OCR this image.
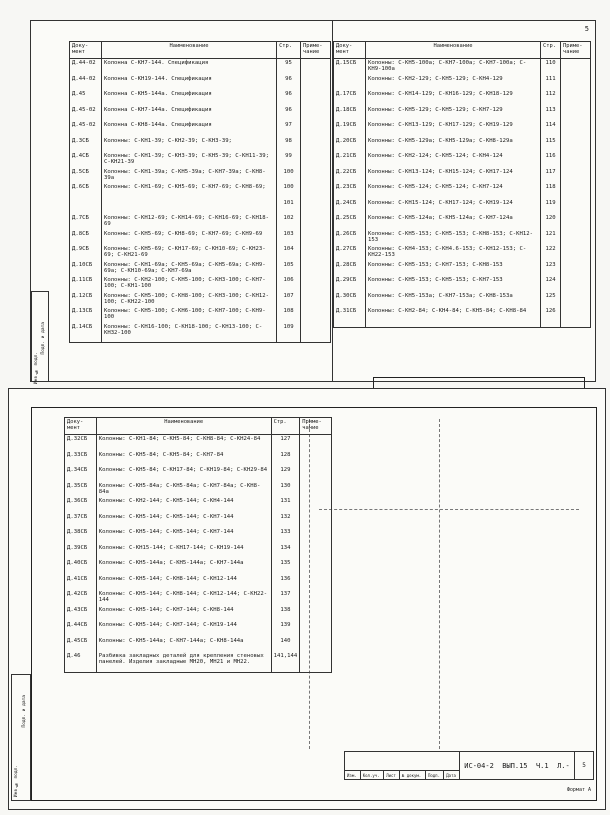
Инв.№ подл.
Подп. и дата
Доку-мент	Наименование	Стр.	Приме-чание
Д.44-02	Колонна С-КН7-144. Спецификация	95	
Д.44-02	Колонна С-КН19-144. Спецификация	96	
Д.45	Колонна С-КН5-144а. Спецификация	96	
Д.45-02	Колонна С-КН7-144а. Спецификация	96	
Д.45-02	Колонна С-КН8-144а. Спецификация	97	
Д.3СБ	Колонны: С-КН1-39; С-КН2-39; С-КН3-39;	98	
Д.4СБ	Колонны: С-КН1-39; С-КН3-39; С-КН5-39; С-КН11-39; С-КН21-39	99	
Д.5СБ	Колонны: С-КН1-39а; С-КН5-39а; С-КН7-39а; С-КН8-39а	100	
Д.6СБ	Колонны: С-КН1-69; С-КН5-69; С-КН7-69; С-КН8-69;	100	
		101	
Д.7СБ	Колонны: С-КН12-69; С-КН14-69; С-КН16-69; С-КН18-69	102	
Д.8СБ	Колонны: С-КН5-69; С-КН8-69; С-КН7-69; С-КН9-69	103	
Д.9СБ	Колонны: С-КН5-69; С-КН17-69; С-КН10-69; С-КН23-69; С-КН21-69	104	
Д.10СБ	Колонны: С-КН1-69а; С-КН5-69а; С-КН5-69а; С-КН9-69а; С-КН10-69а; С-КН7-69а	105	
Д.11СБ	Колонны: С-КН2-100; С-КН5-100; С-КН3-100; С-КН7-100; С-КН1-100	106	
Д.12СБ	Колонны: С-КН5-100; С-КН8-100; С-КН3-100; С-КН12-100; С-КН22-100	107	
Д.13СБ	Колонны: С-КН5-100; С-КН6-100; С-КН7-100; С-КН9-100	108	
Д.14СБ	Колонны: С-КН16-100; С-КН18-100; С-КН13-100; С-КН32-100	109	

5
Доку-мент	Наименование	Стр.	Приме-чание
Д.15СБ	Колонны: С-КН5-100а; С-КН7-100а; С-КН7-100а; С-КН9-100а	110	
	Колонны: С-КН2-129; С-КН5-129; С-КН4-129	111	
Д.17СБ	Колонны: С-КН14-129; С-КН16-129; С-КН18-129	112	
Д.18СБ	Колонны: С-КН5-129; С-КН5-129; С-КН7-129	113	
Д.19СБ	Колонны: С-КН13-129; С-КН17-129; С-КН19-129	114	
Д.20СБ	Колонны: С-КН5-129а; С-КН5-129а; С-КН8-129а	115	
Д.21СБ	Колонны: С-КН2-124; С-КН5-124; С-КН4-124	116	
Д.22СБ	Колонны: С-КН13-124; С-КН15-124; С-КН17-124	117	
Д.23СБ	Колонны: С-КН5-124; С-КН5-124; С-КН7-124	118	
Д.24СБ	Колонны: С-КН15-124; С-КН17-124; С-КН19-124	119	
Д.25СБ	Колонны: С-КН5-124а; С-КН5-124а; С-КН7-124а	120	
Д.26СБ	Колонны: С-КН5-153; С-КН5-153; С-КН8-153; С-КН12-153	121	
Д.27СБ	Колонны: С-КН4-153; С-КН4.6-153; С-КН12-153; С-КН22-153	122	
Д.28СБ	Колонны: С-КН5-153; С-КН7-153; С-КН8-153	123	
Д.29СБ	Колонны: С-КН5-153; С-КН5-153; С-КН7-153	124	
Д.30СБ	Колонны: С-КН5-153а; С-КН7-153а; С-КН8-153а	125	
Д.31СБ	Колонны: С-КН2-84; С-КН4-84; С-КН5-84; С-КН8-84	126	

Инв.№ подл.
Подп. и дата
Доку-мент	Наименование	Стр.	Приме-чание
Д.32СБ	Колонны: С-КН1-84; С-КН5-84; С-КН8-84; С-КН24-84	127	
Д.33СБ	Колонны: С-КН5-84; С-КН5-84; С-КН7-84	128	
Д.34СБ	Колонны: С-КН5-84; С-КН17-84; С-КН19-84; С-КН29-84	129	
Д.35СБ	Колонны: С-КН5-84а; С-КН5-84а; С-КН7-84а; С-КН8-84а	130	
Д.36СБ	Колонны: С-КН2-144; С-КН5-144; С-КН4-144	131	
Д.37СБ	Колонны: С-КН5-144; С-КН5-144; С-КН7-144	132	
Д.38СБ	Колонны: С-КН5-144; С-КН5-144; С-КН7-144	133	
Д.39СБ	Колонны: С-КН15-144; С-КН17-144; С-КН19-144	134	
Д.40СБ	Колонны: С-КН5-144а; С-КН5-144а; С-КН7-144а	135	
Д.41СБ	Колонны: С-КН5-144; С-КН8-144; С-КН12-144	136	
Д.42СБ	Колонны: С-КН5-144; С-КН8-144; С-КН12-144; С-КН22-144	137	
Д.43СБ	Колонны: С-КН5-144; С-КН7-144; С-КН8-144	138	
Д.44СБ	Колонны: С-КН5-144; С-КН7-144; С-КН19-144	139	
Д.45СБ	Колонны: С-КН5-144а; С-КН7-144а; С-КН8-144а	140	
Д.46	Разбивка закладных деталей для крепления стеновых панелей. Изделия закладные МН20, МН21 и МН22.	141,144	

						ИС-04-2 ВЫП.15 Ч.1 Л.-	5
Изм.	Кол.уч.	Лист	№ докум.	Подп.	Дата		
Формат А
